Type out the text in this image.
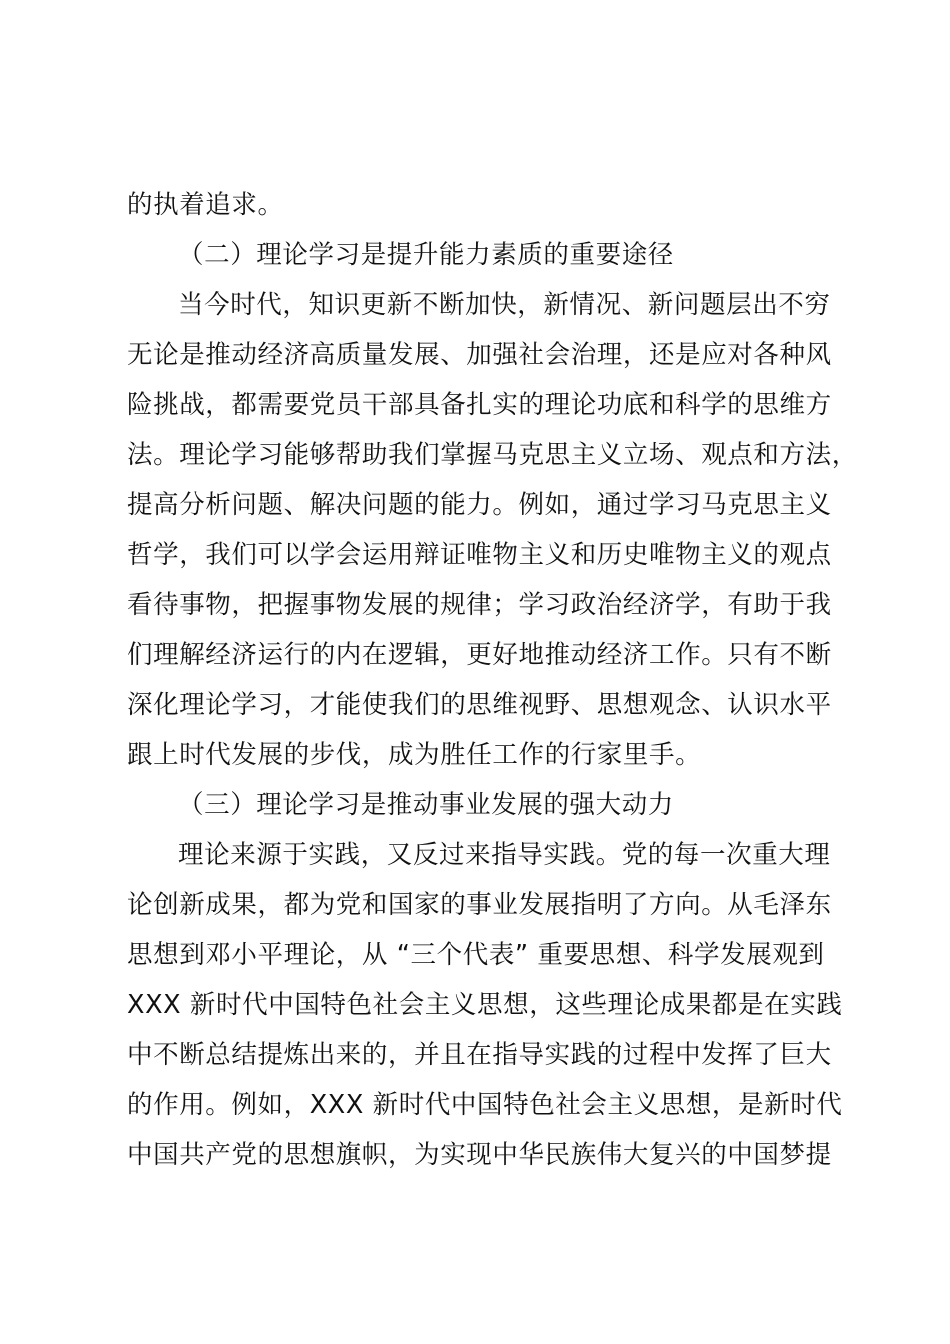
的执着追求。
（二）理论学习是提升能力素质的重要途径
当今时代，知识更新不断加快，新情况、新问题层出不穷
无论是推动经济高质量发展、加强社会治理，还是应对各种风
险挑战，都需要党员干部具备扎实的理论功底和科学的思维方
法。理论学习能够帮助我们掌握马克思主义立场、观点和方法，
提高分析问题、解决问题的能力。例如，通过学习马克思主义
哲学，我们可以学会运用辩证唯物主义和历史唯物主义的观点
看待事物，把握事物发展的规律；学习政治经济学，有助于我
们理解经济运行的内在逻辑，更好地推动经济工作。只有不断
深化理论学习，才能使我们的思维视野、思想观念、认识水平
跟上时代发展的步伐，成为胜任工作的行家里手。
（三）理论学习是推动事业发展的强大动力
理论来源于实践，又反过来指导实践。党的每一次重大理
论创新成果，都为党和国家的事业发展指明了方向。从毛泽东
思想到邓小平理论，从 “三个代表” 重要思想、科学发展观到
XXX 新时代中国特色社会主义思想，这些理论成果都是在实践
中不断总结提炼出来的，并且在指导实践的过程中发挥了巨大
的作用。例如，XXX 新时代中国特色社会主义思想，是新时代
中国共产党的思想旗帜，为实现中华民族伟大复兴的中国梦提
